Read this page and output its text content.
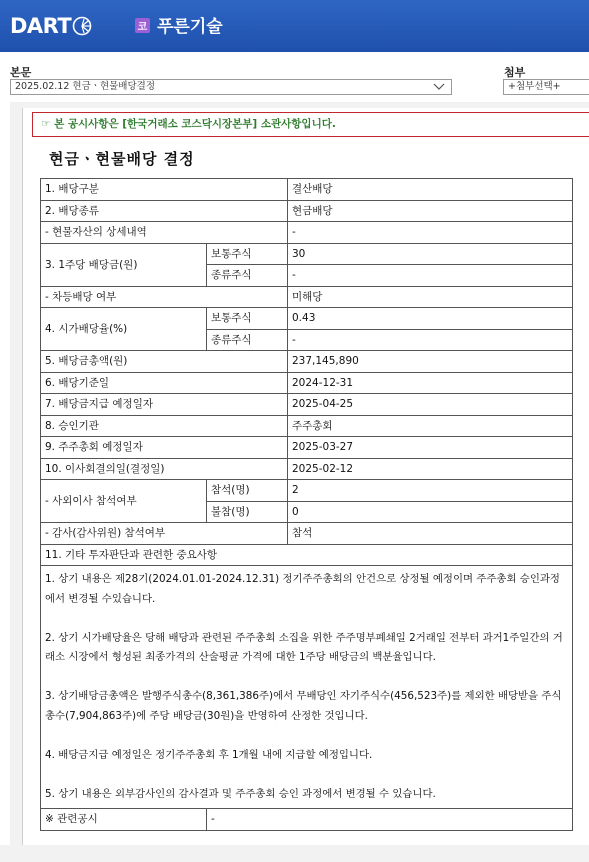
DART	코 푸른기술
본문
2025.02.12 현금ㆍ현물배당결정
첨부
+첨부선택+
☞ 본 공시사항은 [한국거래소 코스닥시장본부] 소관사항입니다.
현금ㆍ현물배당 결정
1. 배당구분		결산배당
2. 배당종류		현금배당
- 현물자산의 상세내역		-
3. 1주당 배당금(원)	보통주식	30
	종류주식	-
- 차등배당 여부		미해당
4. 시가배당율(%)	보통주식	0.43
	종류주식	-
5. 배당금총액(원)		237,145,890
6. 배당기준일		2024-12-31
7. 배당금지급 예정일자		2025-04-25
8. 승인기관		주주총회
9. 주주총회 예정일자		2025-03-27
10. 이사회결의일(결정일)		2025-02-12
- 사외이사 참석여부	참석(명)	2
	불참(명)	0
- 감사(감사위원) 참석여부		참석
11. 기타 투자판단과 관련한 중요사항		

1. 상기 내용은 제28기(2024.01.01-2024.12.31) 정기주주총회의 안건으로 상정될 예정이며 주주총회 승인과정에서 변경될 수있습니다.
2. 상기 시가배당율은 당해 배당과 관련된 주주총회 소집을 위한 주주명부폐쇄일 2거래일 전부터 과거1주일간의 거래소 시장에서 형성된 최종가격의 산술평균 가격에 대한 1주당 배당금의 백분율입니다.
3. 상기배당금총액은 발행주식총수(8,361,386주)에서 무배당인 자기주식수(456,523주)를 제외한 배당받을 주식총수(7,904,863주)에 주당 배당금(30원)을 반영하여 산정한 것입니다.
4. 배당금지급 예정일은 정기주주총회 후 1개월 내에 지급할 예정입니다.
5. 상기 내용은 외부감사인의 감사결과 및 주주총회 승인 과정에서 변경될 수 있습니다.		

※ 관련공시	-	
